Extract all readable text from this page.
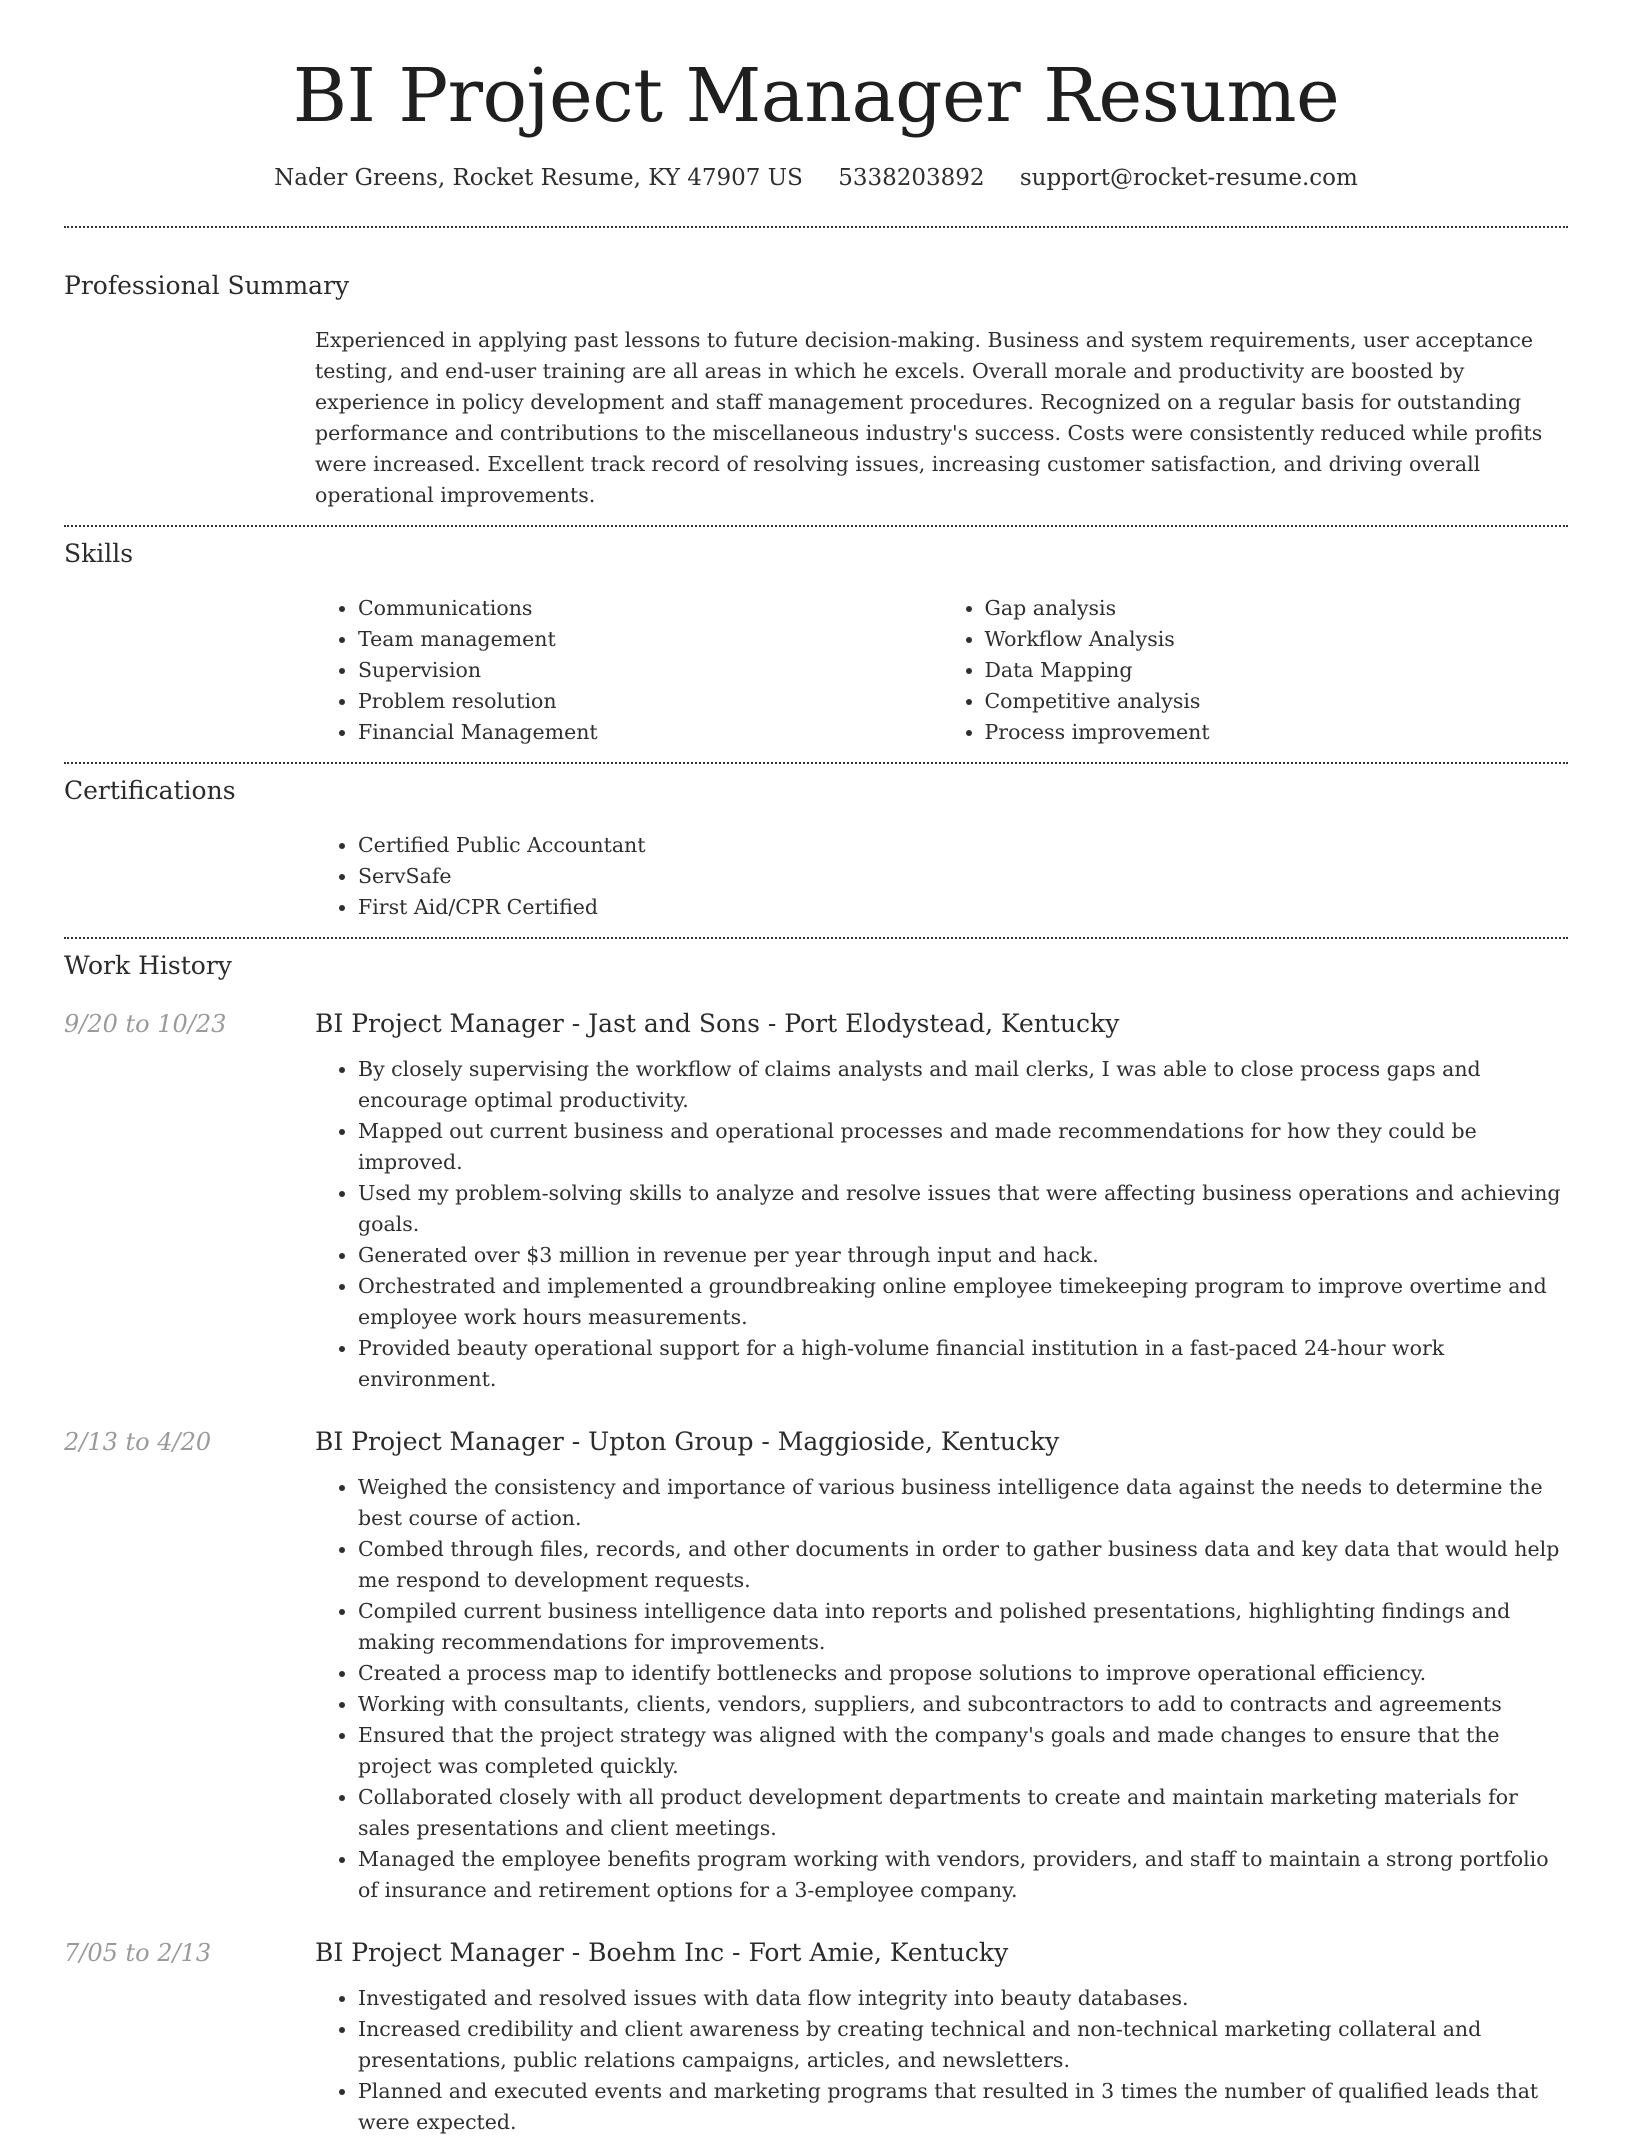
BI Project Manager Resume
Nader Greens, Rocket Resume, KY 47907 US 5338203892 support@rocket-resume.com
Professional Summary
Experienced in applying past lessons to future decision-making. Business and system requirements, user acceptance testing, and end-user training are all areas in which he excels. Overall morale and productivity are boosted by experience in policy development and staff management procedures. Recognized on a regular basis for outstanding performance and contributions to the miscellaneous industry's success. Costs were consistently reduced while profits were increased. Excellent track record of resolving issues, increasing customer satisfaction, and driving overall operational improvements.
Skills
• Communications
• Team management
• Supervision
• Problem resolution
• Financial Management
• Gap analysis
• Workflow Analysis
• Data Mapping
• Competitive analysis
• Process improvement
Certifications
• Certified Public Accountant
• ServSafe
• First Aid/CPR Certified
Work History
9/20 to 10/23	BI Project Manager - Jast and Sons - Port Elodystead, Kentucky
• By closely supervising the workflow of claims analysts and mail clerks, I was able to close process gaps and encourage optimal productivity.
• Mapped out current business and operational processes and made recommendations for how they could be improved.
• Used my problem-solving skills to analyze and resolve issues that were affecting business operations and achieving goals.
• Generated over $3 million in revenue per year through input and hack.
• Orchestrated and implemented a groundbreaking online employee timekeeping program to improve overtime and employee work hours measurements.
• Provided beauty operational support for a high-volume financial institution in a fast-paced 24-hour work environment.
2/13 to 4/20	BI Project Manager - Upton Group - Maggioside, Kentucky
• Weighed the consistency and importance of various business intelligence data against the needs to determine the best course of action.
• Combed through files, records, and other documents in order to gather business data and key data that would help me respond to development requests.
• Compiled current business intelligence data into reports and polished presentations, highlighting findings and making recommendations for improvements.
• Created a process map to identify bottlenecks and propose solutions to improve operational efficiency.
• Working with consultants, clients, vendors, suppliers, and subcontractors to add to contracts and agreements
• Ensured that the project strategy was aligned with the company's goals and made changes to ensure that the project was completed quickly.
• Collaborated closely with all product development departments to create and maintain marketing materials for sales presentations and client meetings.
• Managed the employee benefits program working with vendors, providers, and staff to maintain a strong portfolio of insurance and retirement options for a 3-employee company.
7/05 to 2/13	BI Project Manager - Boehm Inc - Fort Amie, Kentucky
• Investigated and resolved issues with data flow integrity into beauty databases.
• Increased credibility and client awareness by creating technical and non-technical marketing collateral and presentations, public relations campaigns, articles, and newsletters.
• Planned and executed events and marketing programs that resulted in 3 times the number of qualified leads that were expected.
